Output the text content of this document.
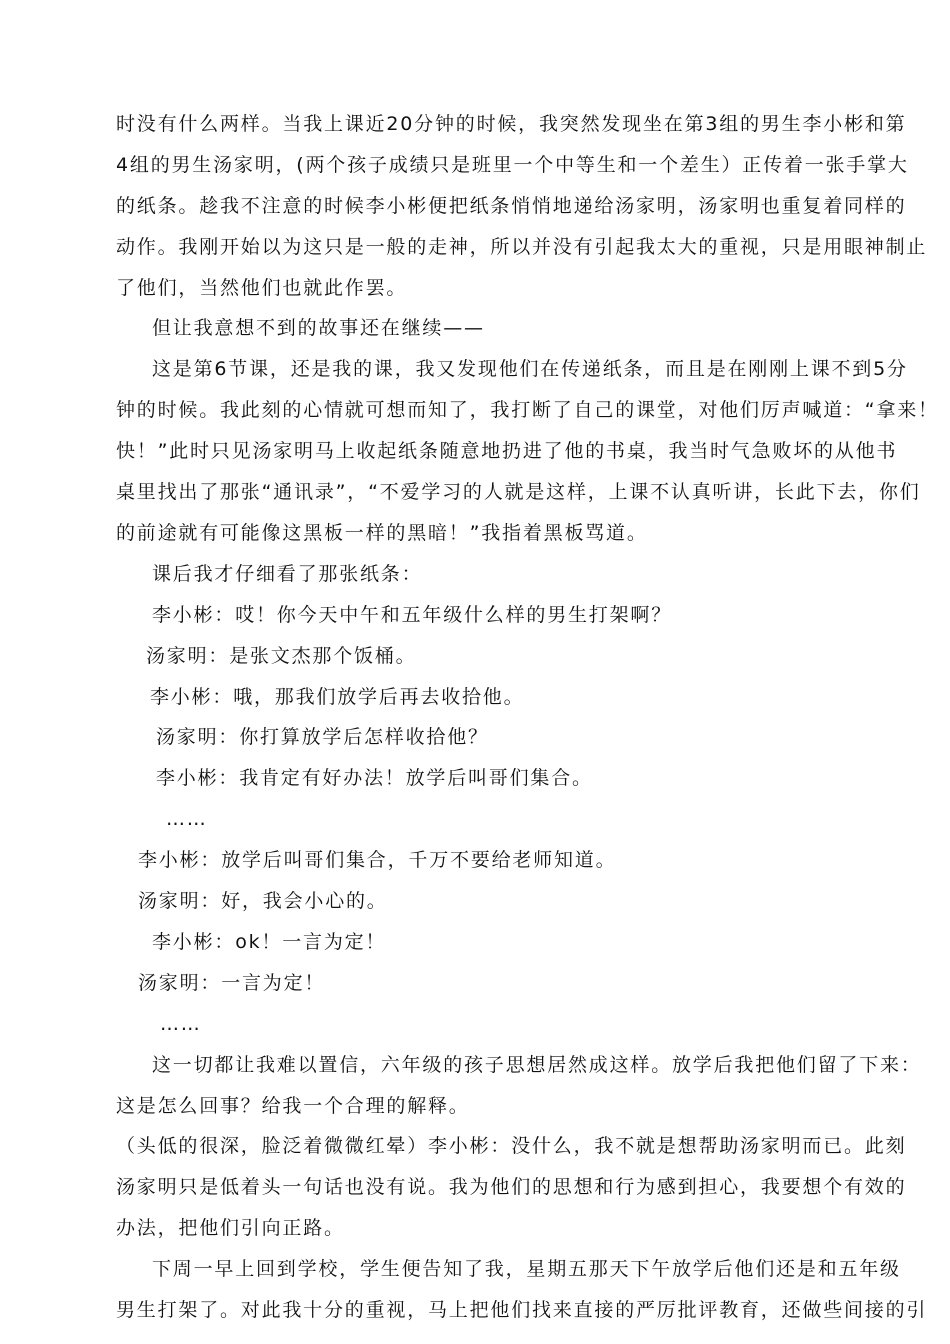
时没有什么两样。当我上课近20分钟的时候，我突然发现坐在第3组的男生李小彬和第
4组的男生汤家明，(两个孩子成绩只是班里一个中等生和一个差生）正传着一张手掌大
的纸条。趁我不注意的时候李小彬便把纸条悄悄地递给汤家明，汤家明也重复着同样的
动作。我刚开始以为这只是一般的走神，所以并没有引起我太大的重视，只是用眼神制止
了他们，当然他们也就此作罢。
但让我意想不到的故事还在继续——
这是第6节课，还是我的课，我又发现他们在传递纸条，而且是在刚刚上课不到5分
钟的时候。我此刻的心情就可想而知了，我打断了自己的课堂，对他们厉声喊道：“拿来！
快！”此时只见汤家明马上收起纸条随意地扔进了他的书桌，我当时气急败坏的从他书
桌里找出了那张“通讯录”，“不爱学习的人就是这样，上课不认真听讲，长此下去，你们
的前途就有可能像这黑板一样的黑暗！”我指着黑板骂道。
课后我才仔细看了那张纸条：
李小彬：哎！你今天中午和五年级什么样的男生打架啊？
汤家明：是张文杰那个饭桶。
李小彬：哦，那我们放学后再去收拾他。
汤家明：你打算放学后怎样收拾他？
李小彬：我肯定有好办法！放学后叫哥们集合。
……
李小彬：放学后叫哥们集合，千万不要给老师知道。
汤家明：好，我会小心的。
李小彬：ok！一言为定！
汤家明：一言为定！
……
这一切都让我难以置信，六年级的孩子思想居然成这样。放学后我把他们留了下来：
这是怎么回事？给我一个合理的解释。
（头低的很深，脸泛着微微红晕）李小彬：没什么，我不就是想帮助汤家明而已。此刻
汤家明只是低着头一句话也没有说。我为他们的思想和行为感到担心，我要想个有效的
办法，把他们引向正路。
下周一早上回到学校，学生便告知了我，星期五那天下午放学后他们还是和五年级
男生打架了。对此我十分的重视，马上把他们找来直接的严厉批评教育，还做些间接的引
